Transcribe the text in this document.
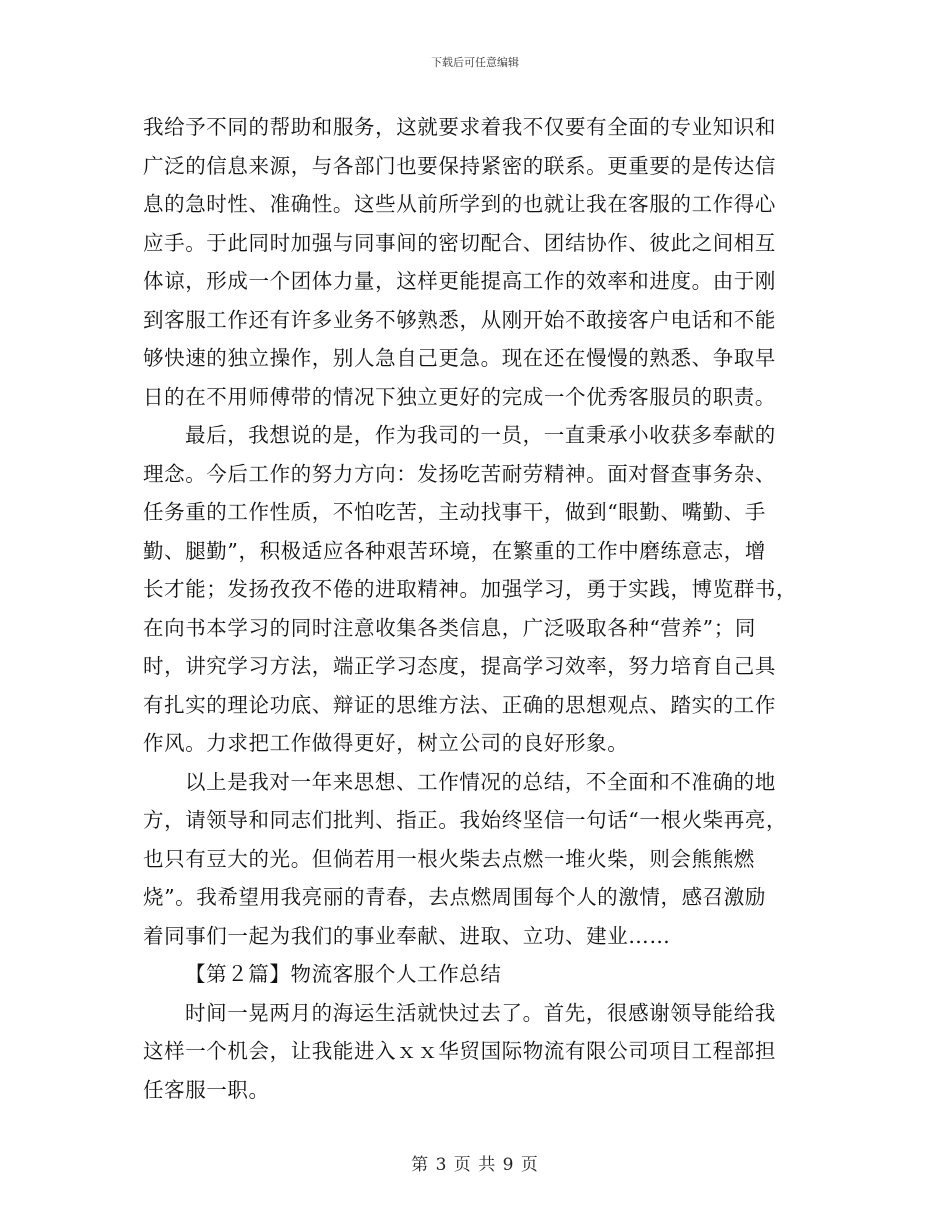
下载后可任意编辑
我给予不同的帮助和服务，这就要求着我不仅要有全面的专业知识和
广泛的信息来源，与各部门也要保持紧密的联系。更重要的是传达信
息的急时性、准确性。这些从前所学到的也就让我在客服的工作得心
应手。于此同时加强与同事间的密切配合、团结协作、彼此之间相互
体谅，形成一个团体力量，这样更能提高工作的效率和进度。由于刚
到客服工作还有许多业务不够熟悉，从刚开始不敢接客户电话和不能
够快速的独立操作，别人急自己更急。现在还在慢慢的熟悉、争取早
日的在不用师傅带的情况下独立更好的完成一个优秀客服员的职责。
最后，我想说的是，作为我司的一员，一直秉承小收获多奉献的
理念。今后工作的努力方向：发扬吃苦耐劳精神。面对督查事务杂、
任务重的工作性质，不怕吃苦，主动找事干，做到“眼勤、嘴勤、手
勤、腿勤”，积极适应各种艰苦环境，在繁重的工作中磨练意志，增
长才能；发扬孜孜不倦的进取精神。加强学习，勇于实践，博览群书，
在向书本学习的同时注意收集各类信息，广泛吸取各种“营养”；同
时，讲究学习方法，端正学习态度，提高学习效率，努力培育自己具
有扎实的理论功底、辩证的思维方法、正确的思想观点、踏实的工作
作风。力求把工作做得更好，树立公司的良好形象。
以上是我对一年来思想、工作情况的总结，不全面和不准确的地
方，请领导和同志们批判、指正。我始终坚信一句话“一根火柴再亮，
也只有豆大的光。但倘若用一根火柴去点燃一堆火柴，则会熊熊燃
烧”。我希望用我亮丽的青春，去点燃周围每个人的激情，感召激励
着同事们一起为我们的事业奉献、进取、立功、建业……
【第２篇】物流客服个人工作总结
时间一晃两月的海运生活就快过去了。首先，很感谢领导能给我
这样一个机会，让我能进入ｘｘ华贸国际物流有限公司项目工程部担
任客服一职。
第 3 页 共 9 页
